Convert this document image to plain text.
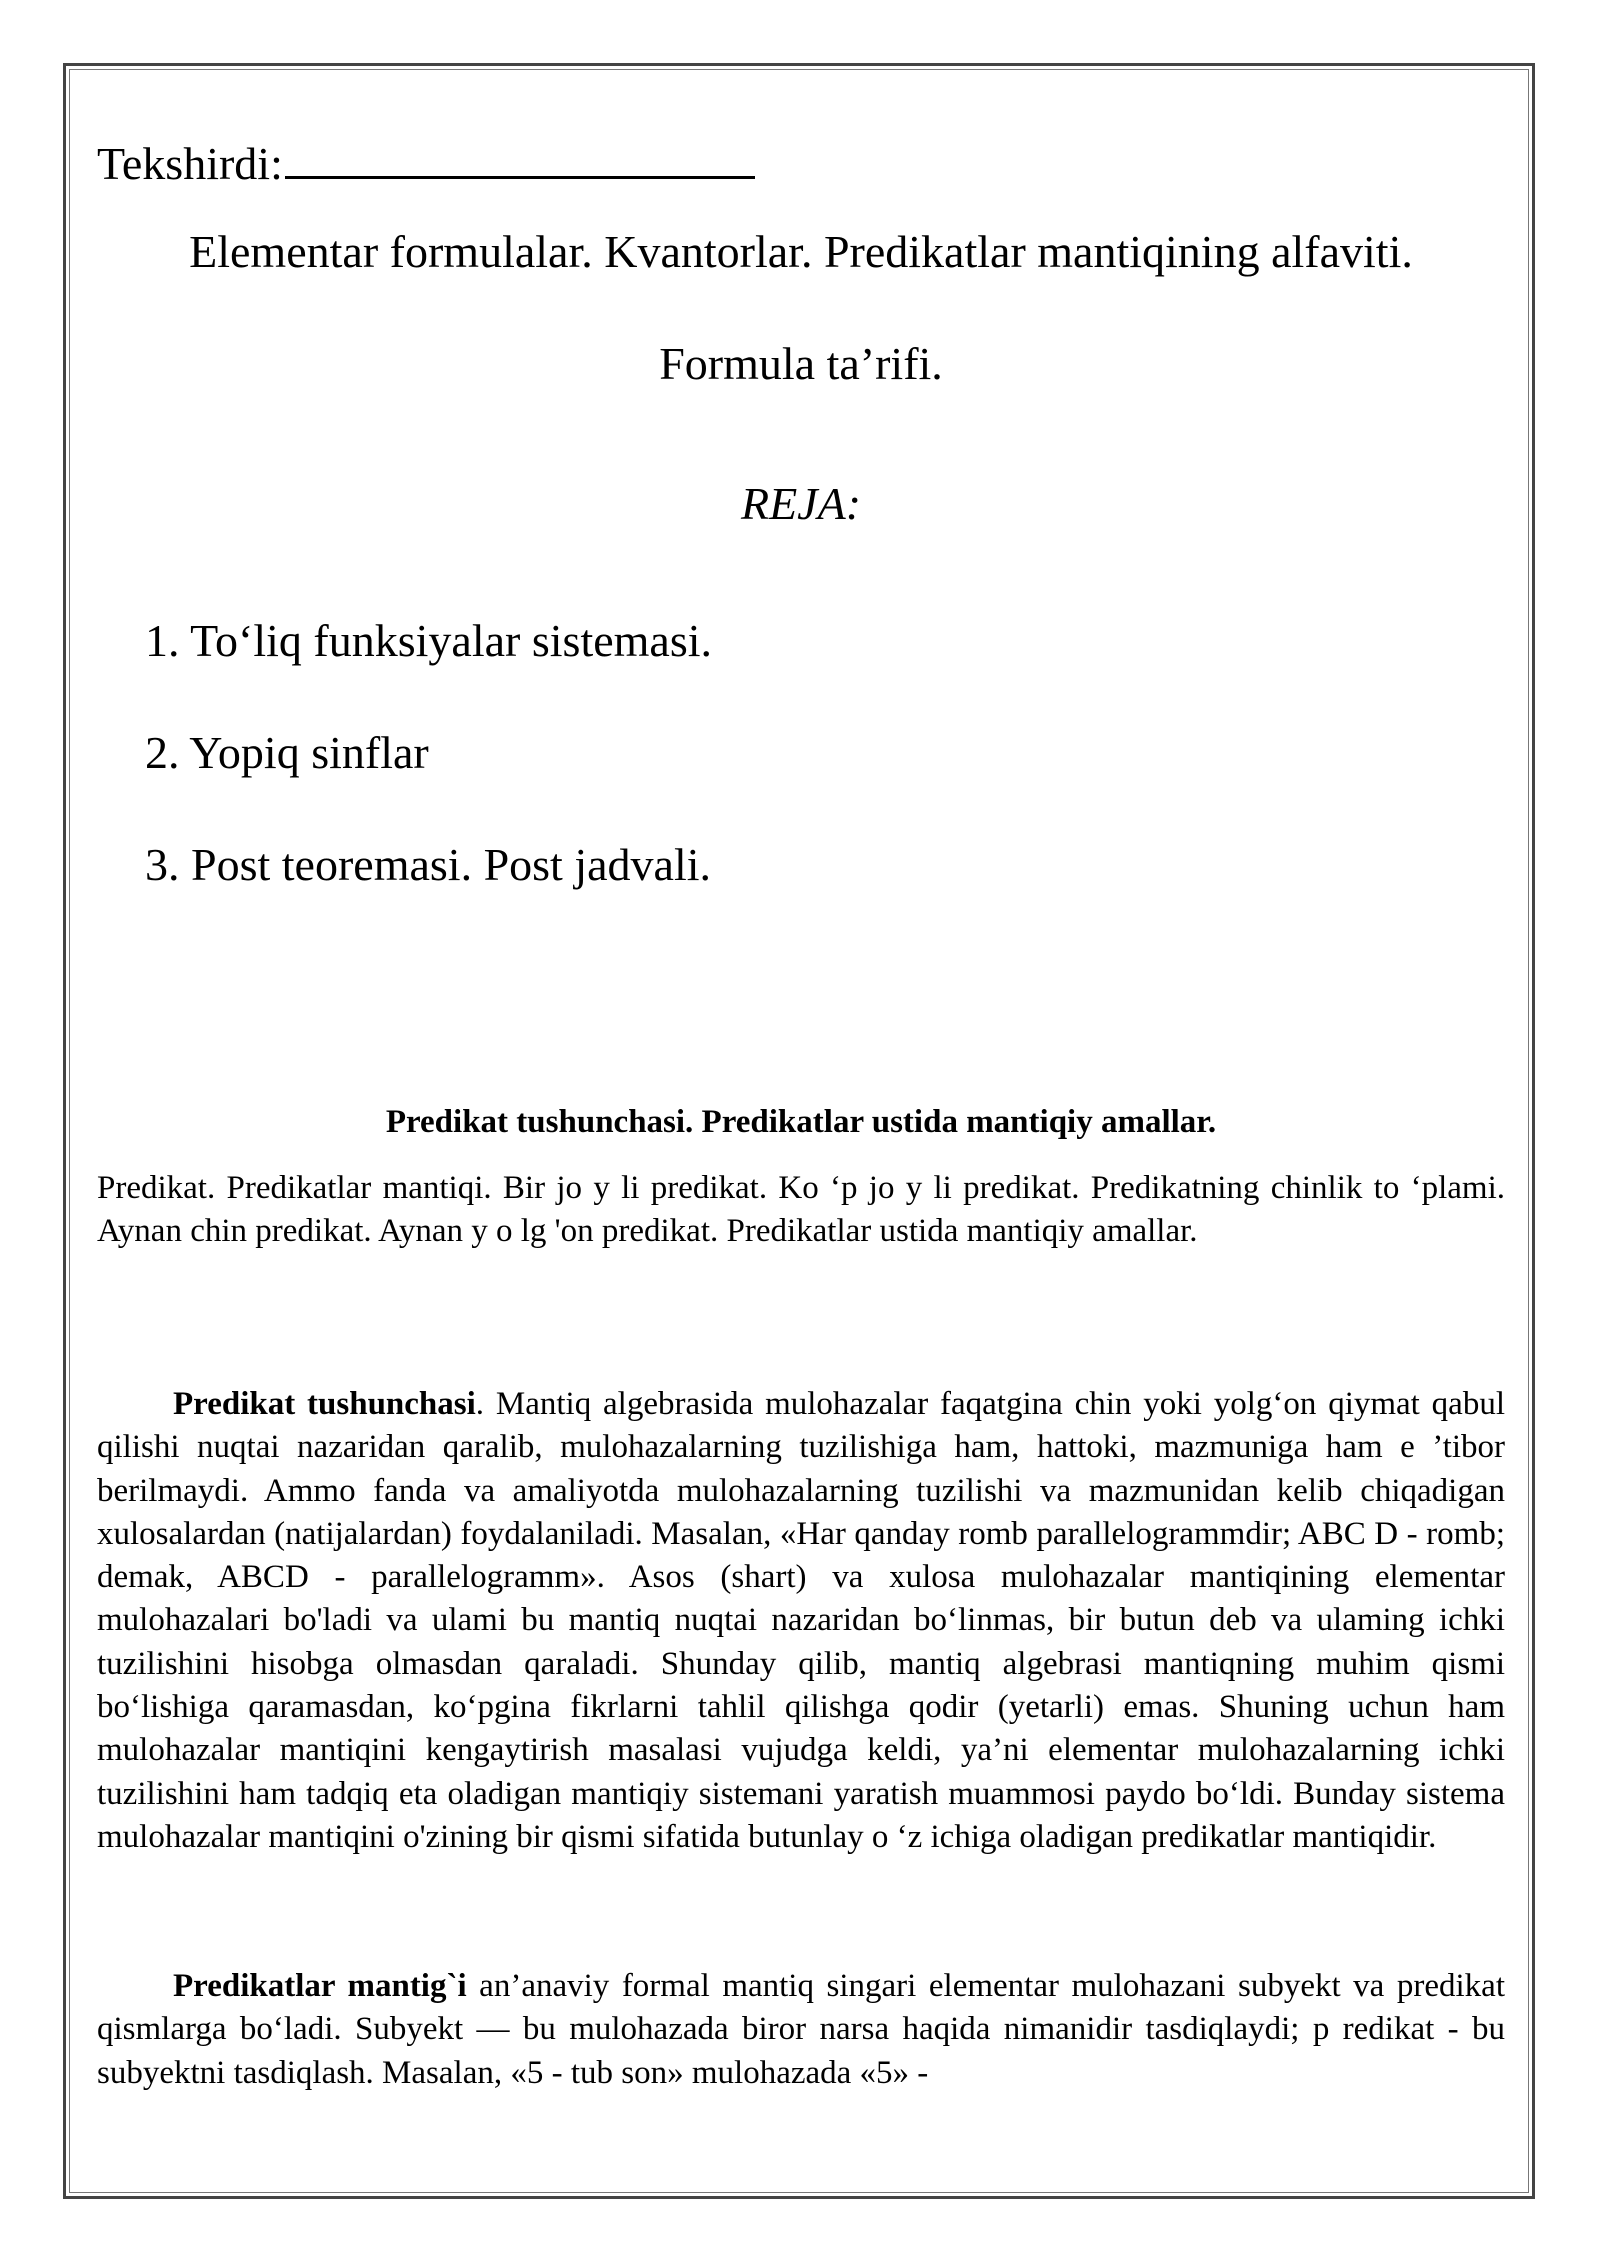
Tekshirdi:
Elementar formulalar. Kvantorlar. Predikatlar mantiqining alfaviti.
Formula ta’rifi.
REJA:
1. To‘liq funksiyalar sistemasi.
2. Yopiq sinflar
3. Post teoremasi. Post jadvali.
Predikat tushunchasi. Predikatlar ustida mantiqiy amallar.

Predikat. Predikatlar mantiqi. Bir jo y li predikat. Ko ‘p jo y li predikat. Predikatning chinlik to ‘plami. Aynan chin predikat. Aynan y o lg 'on predikat. Predikatlar ustida mantiqiy amallar.

Predikat tushunchasi. Mantiq algebrasida mulohazalar faqatgina chin yoki yolg‘on qiymat qabul qilishi nuqtai nazaridan qaralib, mulohazalarning tuzilishiga ham, hattoki, mazmuniga ham e ’tibor berilmaydi. Ammo fanda va amaliyotda mulohazalarning tuzilishi va mazmunidan kelib chiqadigan xulosalardan (natijalardan) foydalaniladi. Masalan, «Har qanday romb parallelogrammdir; ABC D - romb; demak, ABCD - parallelogramm». Asos (shart) va xulosa mulohazalar mantiqining elementar mulohazalari bo'ladi va ulami bu mantiq nuqtai nazaridan bo‘linmas, bir butun deb va ulaming ichki tuzilishini hisobga olmasdan qaraladi. Shunday qilib, mantiq algebrasi mantiqning muhim qismi bo‘lishiga qaramasdan, ko‘pgina fikrlarni tahlil qilishga qodir (yetarli) emas. Shuning uchun ham mulohazalar mantiqini kengaytirish masalasi vujudga keldi, ya’ni elementar mulohazalarning ichki tuzilishini ham tadqiq eta oladigan mantiqiy sistemani yaratish muammosi paydo bo‘ldi. Bunday sistema mulohazalar mantiqini o'zining bir qismi sifatida butunlay o ‘z ichiga oladigan predikatlar mantiqidir.

Predikatlar mantig`i an’anaviy formal mantiq singari elementar mulohazani subyekt va predikat qismlarga bo‘ladi. Subyekt — bu mulohazada biror narsa haqida nimanidir tasdiqlaydi; p redikat - bu subyektni tasdiqlash. Masalan, «5 - tub son» mulohazada «5» -
